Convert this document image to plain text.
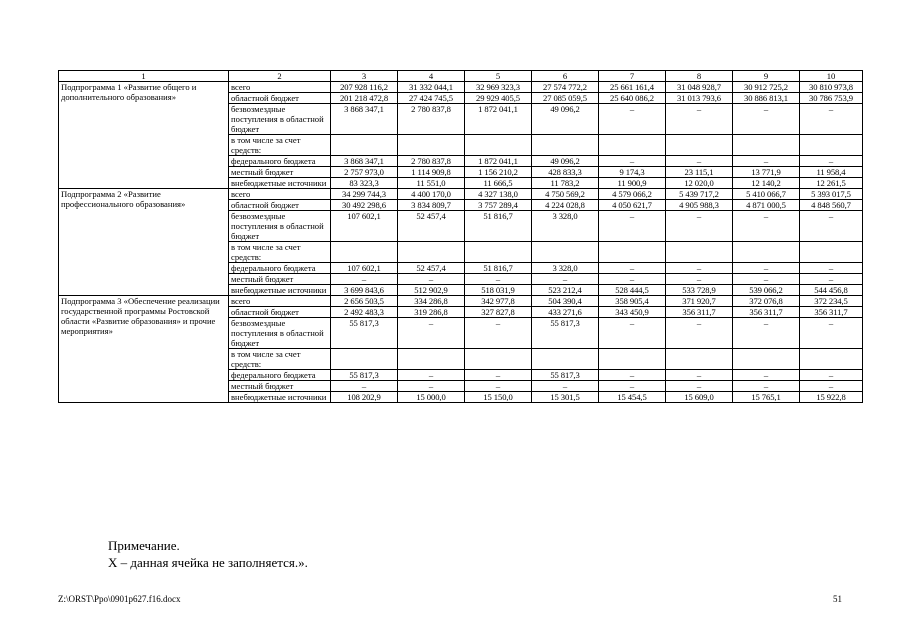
1	2	3	4	5	6	7	8	9	10
Подпрограмма 1 «Развитие общего и дополнительного образования»	всего	207 928 116,2	31 332 044,1	32 969 323,3	27 574 772,2	25 661 161,4	31 048 928,7	30 912 725,2	30 810 973,8
	областной бюджет	201 218 472,8	27 424 745,5	29 929 405,5	27 085 059,5	25 640 086,2	31 013 793,6	30 886 813,1	30 786 753,9
	безвозмездные поступления в областной бюджет	3 868 347,1	2 780 837,8	1 872 041,1	49 096,2	–	–	–	–
	в том числе за счет средств:								
	федерального бюджета	3 868 347,1	2 780 837,8	1 872 041,1	49 096,2	–	–	–	–
	местный бюджет	2 757 973,0	1 114 909,8	1 156 210,2	428 833,3	9 174,3	23 115,1	13 771,9	11 958,4
	внебюджетные источники	83 323,3	11 551,0	11 666,5	11 783,2	11 900,9	12 020,0	12 140,2	12 261,5
Подпрограмма 2 «Развитие профессионального образования»	всего	34 299 744,3	4 400 170,0	4 327 138,0	4 750 569,2	4 579 066,2	5 439 717,2	5 410 066,7	5 393 017,5
	областной бюджет	30 492 298,6	3 834 809,7	3 757 289,4	4 224 028,8	4 050 621,7	4 905 988,3	4 871 000,5	4 848 560,7
	безвозмездные поступления в областной бюджет	107 602,1	52 457,4	51 816,7	3 328,0	–	–	–	–
	в том числе за счет средств:								
	федерального бюджета	107 602,1	52 457,4	51 816,7	3 328,0	–	–	–	–
	местный бюджет	–	–	–	–	–	–	–	–
	внебюджетные источники	3 699 843,6	512 902,9	518 031,9	523 212,4	528 444,5	533 728,9	539 066,2	544 456,8
Подпрограмма 3 «Обеспечение реализации государственной программы Ростовской области «Развитие образования» и прочие мероприятия»	всего	2 656 503,5	334 286,8	342 977,8	504 390,4	358 905,4	371 920,7	372 076,8	372 234,5
	областной бюджет	2 492 483,3	319 286,8	327 827,8	433 271,6	343 450,9	356 311,7	356 311,7	356 311,7
	безвозмездные поступления в областной бюджет	55 817,3	–	–	55 817,3	–	–	–	–
	в том числе за счет средств:								
	федерального бюджета	55 817,3	–	–	55 817,3	–	–	–	–
	местный бюджет	–	–	–	–	–	–	–	–
	внебюджетные источники	108 202,9	15 000,0	15 150,0	15 301,5	15 454,5	15 609,0	15 765,1	15 922,8
Примечание.
Х – данная ячейка не заполняется.».
Z:\ORST\Ppo\0901p627.f16.docx	51
